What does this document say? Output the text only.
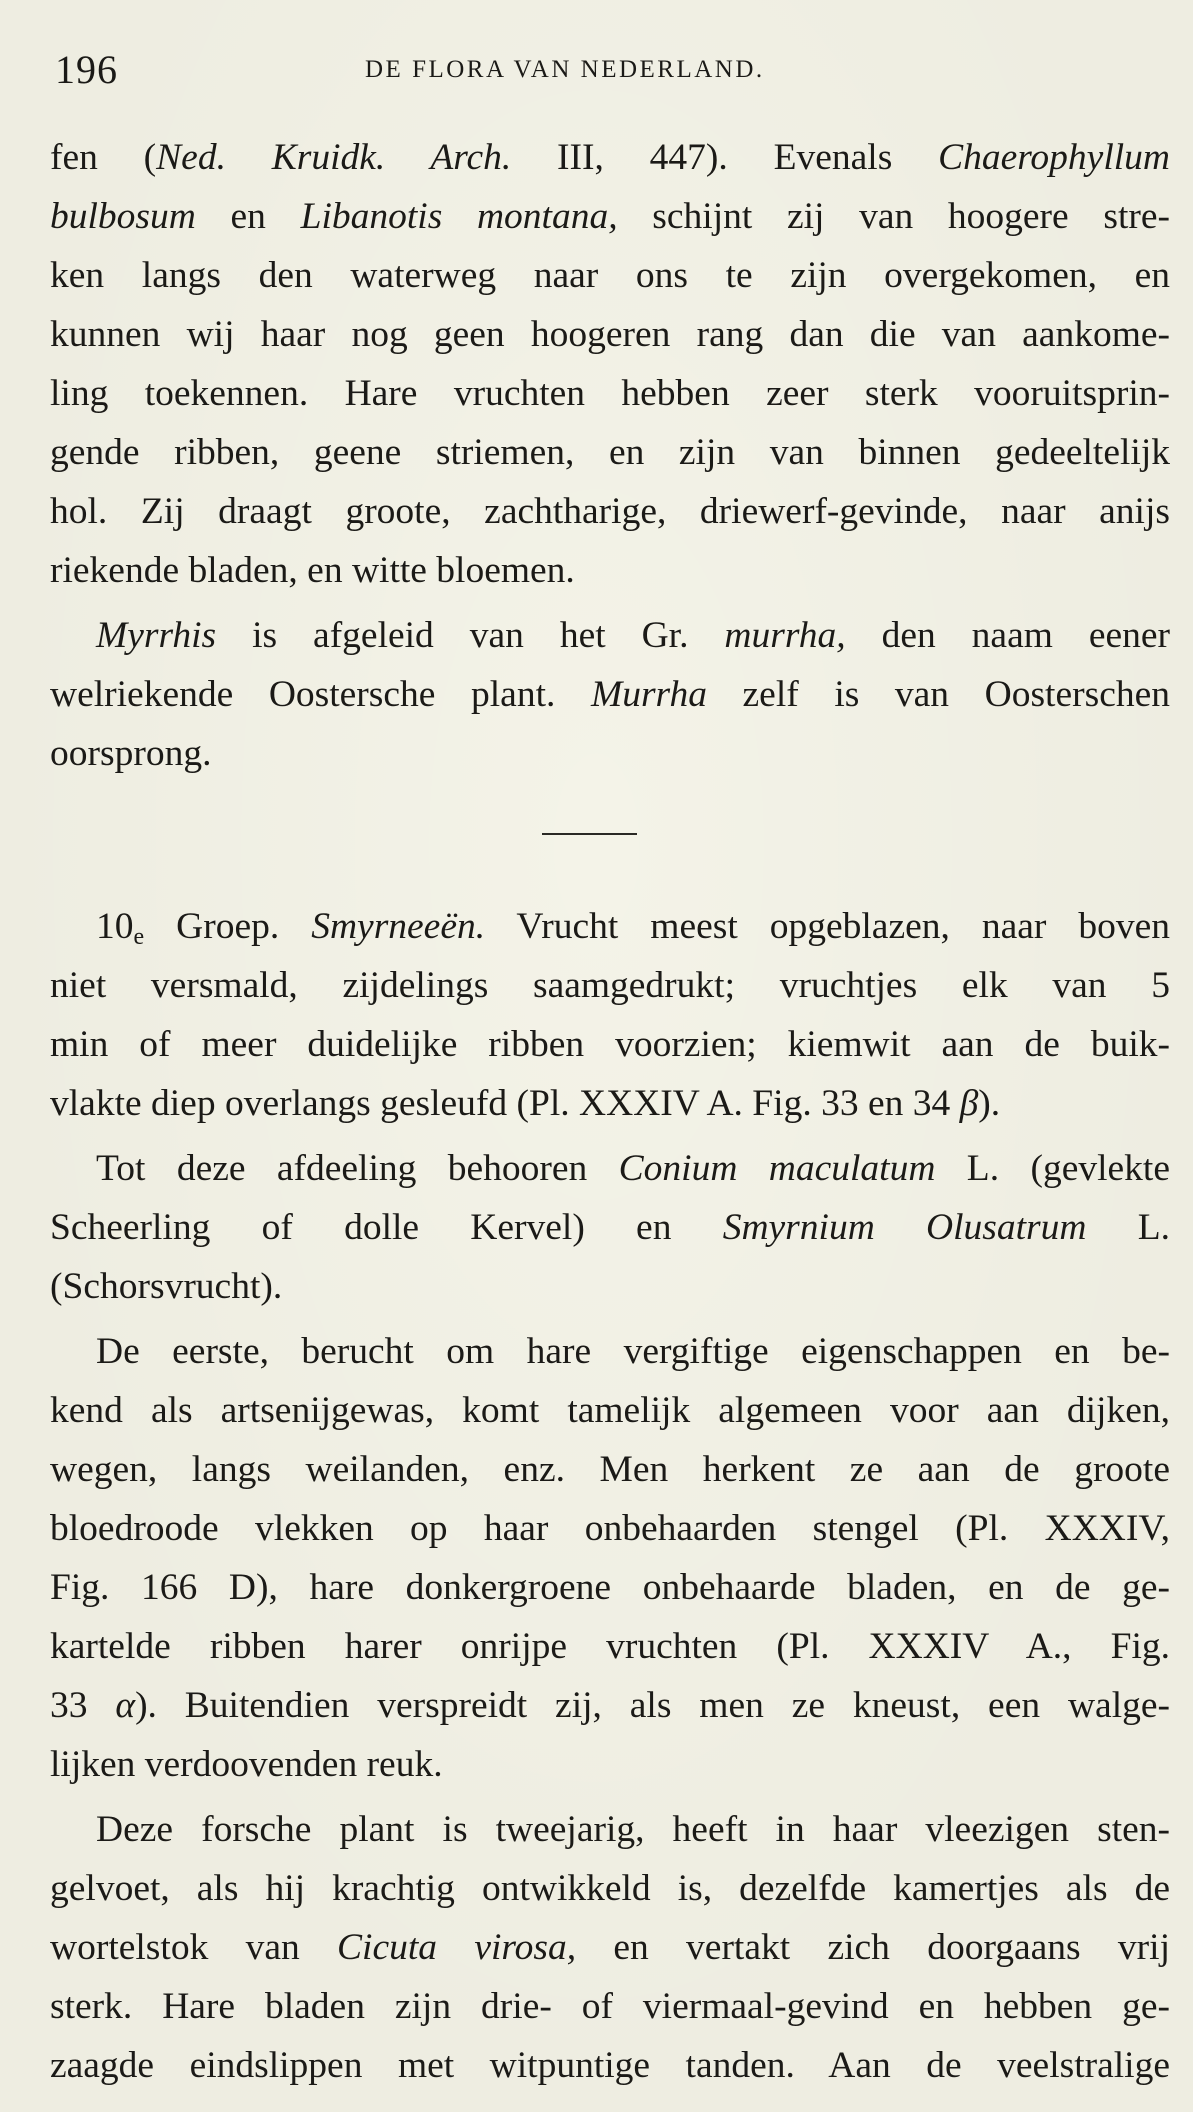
196	DE FLORA VAN NEDERLAND.
fen (Ned. Kruidk. Arch. III, 447). Evenals Chaerophyllum
bulbosum en Libanotis montana, schijnt zij van hoogere stre-
ken langs den waterweg naar ons te zijn overgekomen, en
kunnen wij haar nog geen hoogeren rang dan die van aankome-
ling toekennen. Hare vruchten hebben zeer sterk vooruitsprin-
gende ribben, geene striemen, en zijn van binnen gedeeltelijk
hol. Zij draagt groote, zachtharige, driewerf-gevinde, naar anijs
riekende bladen, en witte bloemen.
Myrrhis is afgeleid van het Gr. murrha, den naam eener
welriekende Oostersche plant. Murrha zelf is van Oosterschen
oorsprong.
$10_e$ Groep. Smyrneeën. Vrucht meest opgeblazen, naar boven
niet versmald, zijdelings saamgedrukt; vruchtjes elk van 5
min of meer duidelijke ribben voorzien; kiemwit aan de buik-
vlakte diep overlangs gesleufd (Pl. XXXIV A. Fig. 33 en 34 β).
Tot deze afdeeling behooren Conium maculatum L. (gevlekte
Scheerling of dolle Kervel) en Smyrnium Olusatrum L.
(Schorsvrucht).
De eerste, berucht om hare vergiftige eigenschappen en be-
kend als artsenijgewas, komt tamelijk algemeen voor aan dijken,
wegen, langs weilanden, enz. Men herkent ze aan de groote
bloedroode vlekken op haar onbehaarden stengel (Pl. XXXIV,
Fig. 166 D), hare donkergroene onbehaarde bladen, en de ge-
kartelde ribben harer onrijpe vruchten (Pl. XXXIV A., Fig.
33 α). Buitendien verspreidt zij, als men ze kneust, een walge-
lijken verdoovenden reuk.
Deze forsche plant is tweejarig, heeft in haar vleezigen sten-
gelvoet, als hij krachtig ontwikkeld is, dezelfde kamertjes als de
wortelstok van Cicuta virosa, en vertakt zich doorgaans vrij
sterk. Hare bladen zijn drie- of viermaal-gevind en hebben ge-
zaagde eindslippen met witpuntige tanden. Aan de veelstralige
